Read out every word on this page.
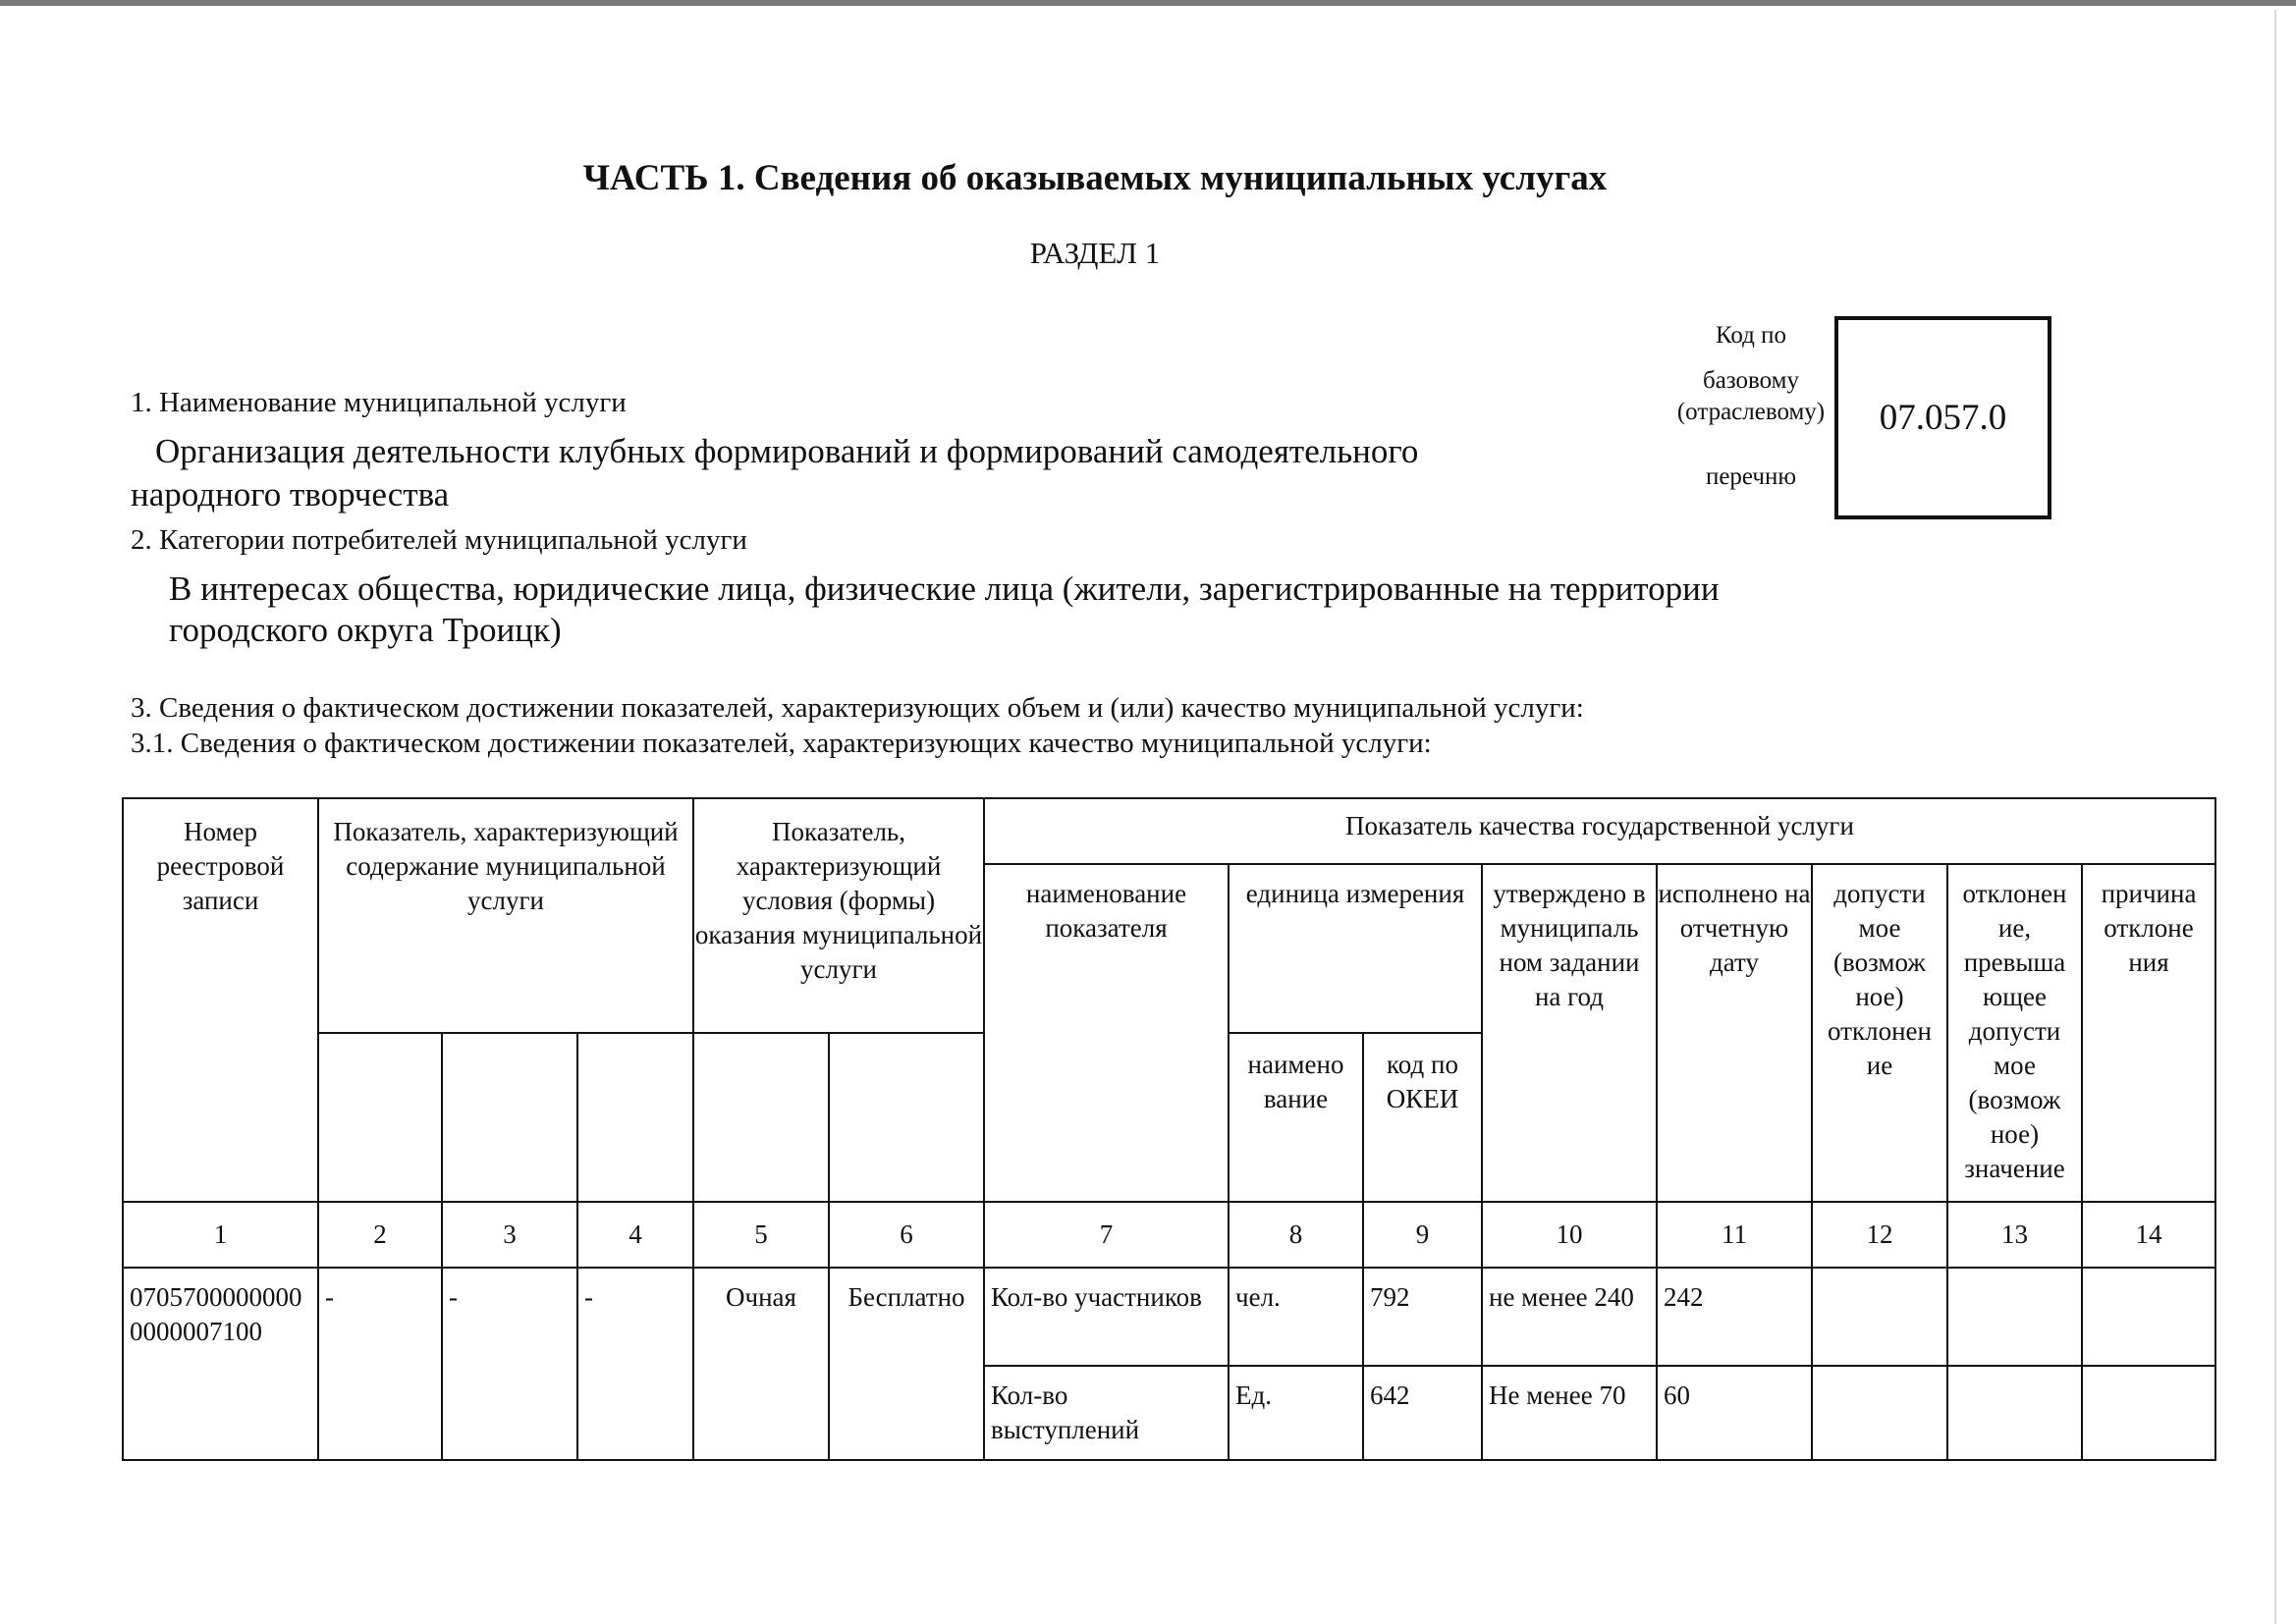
ЧАСТЬ 1. Сведения об оказываемых муниципальных услугах
РАЗДЕЛ 1
Код по
базовому
(отраслевому)
перечню
07.057.0
1. Наименование муниципальной услуги
Организация деятельности клубных формирований и формирований самодеятельного
народного творчества
2. Категории потребителей муниципальной услуги
В интересах общества, юридические лица, физические лица (жители, зарегистрированные на территории
городского округа Троицк)
3. Сведения о фактическом достижении показателей, характеризующих объем и (или) качество муниципальной услуги:
3.1. Сведения о фактическом достижении показателей, характеризующих качество муниципальной услуги:
Номер реестровой записи	Показатель, характеризующий содержание муниципальной услуги			Показатель, характеризующий условия (формы) оказания муниципальной услуги		Показатель качества государственной услуги							
						наименование показателя	единица измерения		утверждено в муниципаль ном задании на год	исполнено на отчетную дату	допусти мое (возмож ное) отклонен ие	отклонен ие, превыша ющее допусти мое (возмож ное) значение	причина отклоне ния
							наимено вание	код по ОКЕИ					
1	2	3	4	5	6	7	8	9	10	11	12	13	14
07057000000000000007100	-	-	-	Очная	Бесплатно	Кол-во участников	чел.	792	не менее 240	242			
						Кол-во выступлений	Ед.	642	Не менее 70	60			
